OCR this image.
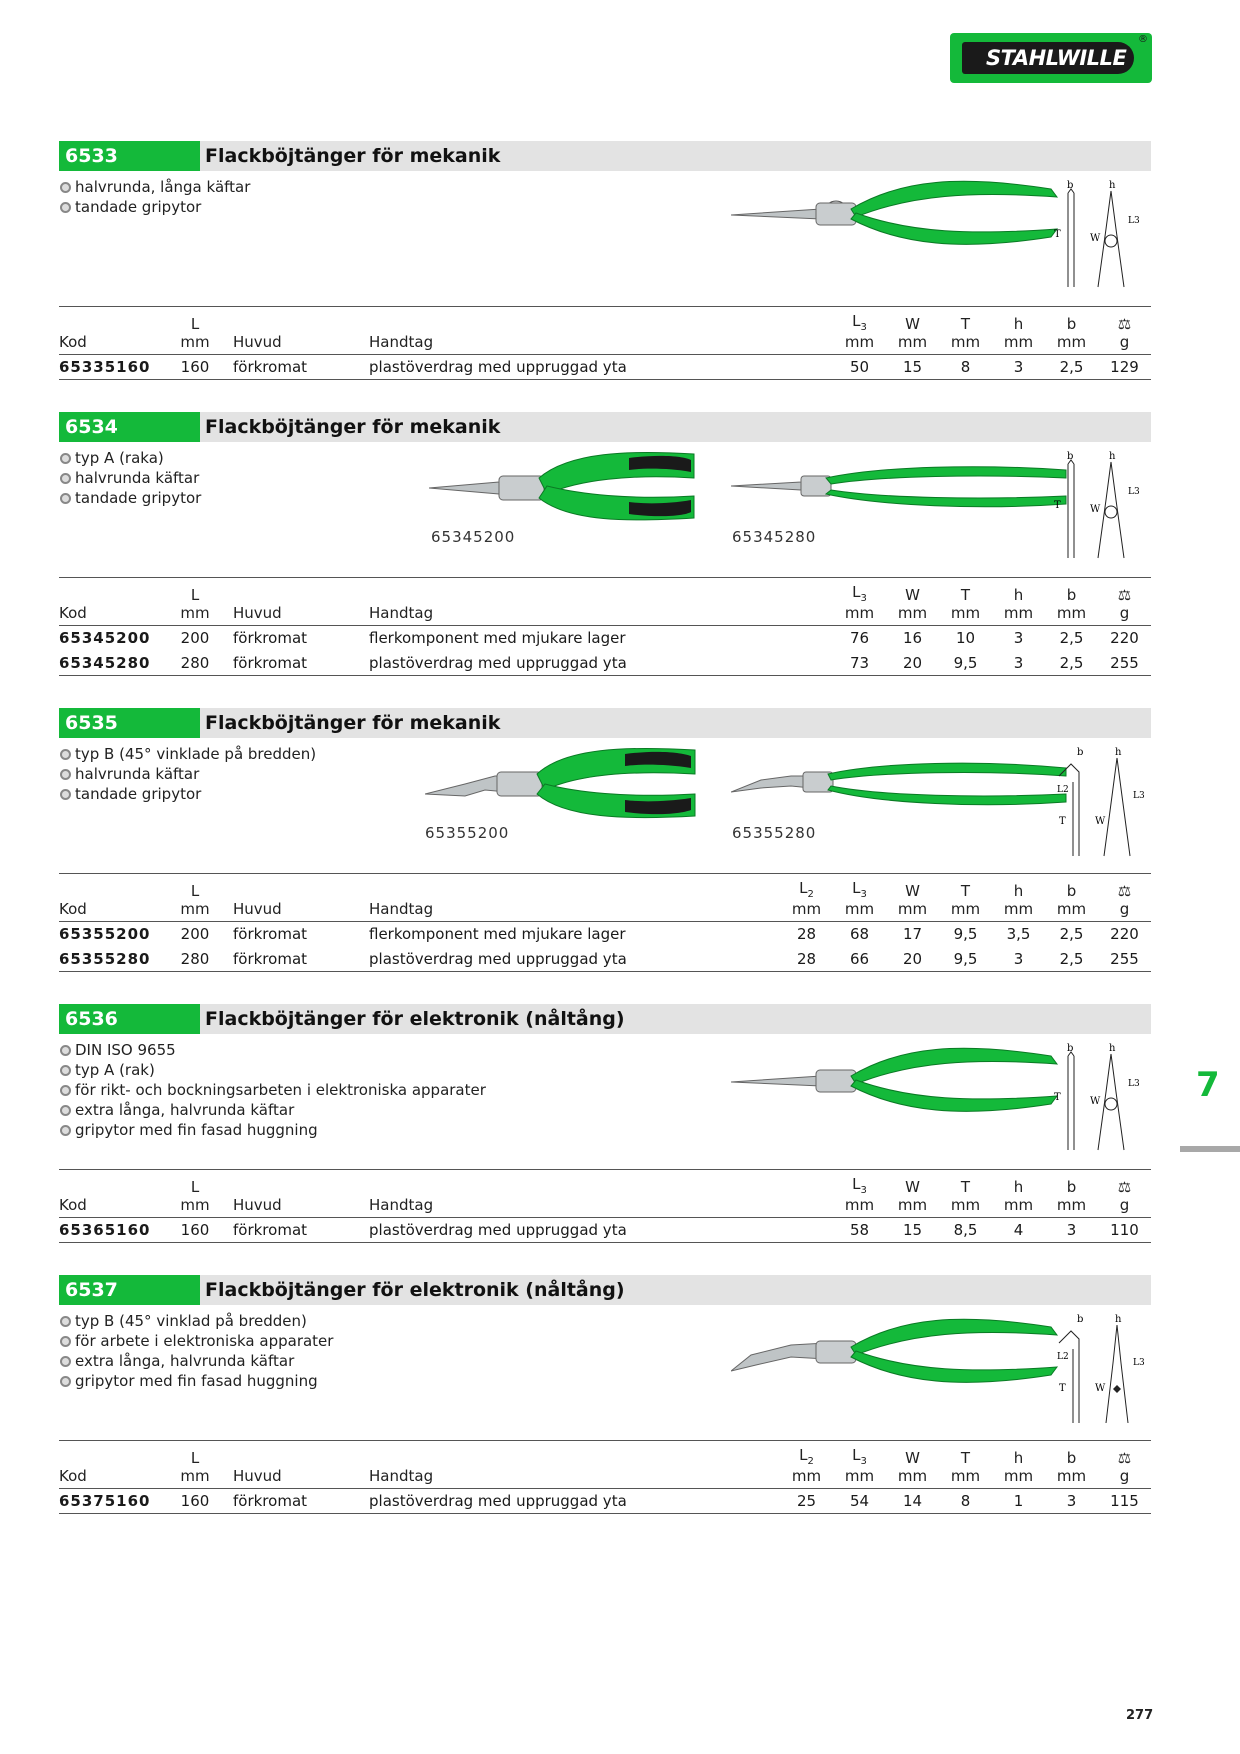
STAHLWILLE
®
6533	Flackböjtänger för mekanik
halvrunda, långa käftar
tandade gripytor
b	h
T	W
L3
	L				$L_3$	W	T	h	b	⚖
Kod	mm	Huvud	Handtag		mm	mm	mm	mm	mm	g
65335160	160	förkromat	plastöverdrag med uppruggad yta		50	15	8	3	2,5	129
6534	Flackböjtänger för mekanik
typ A (raka)
halvrunda käftar
tandade gripytor
65345200	65345280
b	h
T	W
L3
	L				$L_3$	W	T	h	b	⚖
Kod	mm	Huvud	Handtag		mm	mm	mm	mm	mm	g
65345200	200	förkromat	flerkomponent med mjukare lager		76	16	10	3	2,5	220
65345280	280	förkromat	plastöverdrag med uppruggad yta		73	20	9,5	3	2,5	255
6535	Flackböjtänger för mekanik
typ B (45° vinklade på bredden)
halvrunda käftar
tandade gripytor
65355200	65355280
b	h
L2
T	W
L3
	L			$L_2$	$L_3$	W	T	h	b	⚖
Kod	mm	Huvud	Handtag	mm	mm	mm	mm	mm	mm	g
65355200	200	förkromat	flerkomponent med mjukare lager	28	68	17	9,5	3,5	2,5	220
65355280	280	förkromat	plastöverdrag med uppruggad yta	28	66	20	9,5	3	2,5	255
6536	Flackböjtänger för elektronik (nåltång)
DIN ISO 9655
typ A (rak)
för rikt- och bockningsarbeten i elektroniska apparater
extra långa, halvrunda käftar
gripytor med fin fasad huggning
b	h
T	W
L3
	L				$L_3$	W	T	h	b	⚖
Kod	mm	Huvud	Handtag		mm	mm	mm	mm	mm	g
65365160	160	förkromat	plastöverdrag med uppruggad yta		58	15	8,5	4	3	110
6537	Flackböjtänger för elektronik (nåltång)
typ B (45° vinklad på bredden)
för arbete i elektroniska apparater
extra långa, halvrunda käftar
gripytor med fin fasad huggning
b	h
L2
T	W
L3
	L			$L_2$	$L_3$	W	T	h	b	⚖
Kod	mm	Huvud	Handtag	mm	mm	mm	mm	mm	mm	g
65375160	160	förkromat	plastöverdrag med uppruggad yta	25	54	14	8	1	3	115
7
277
